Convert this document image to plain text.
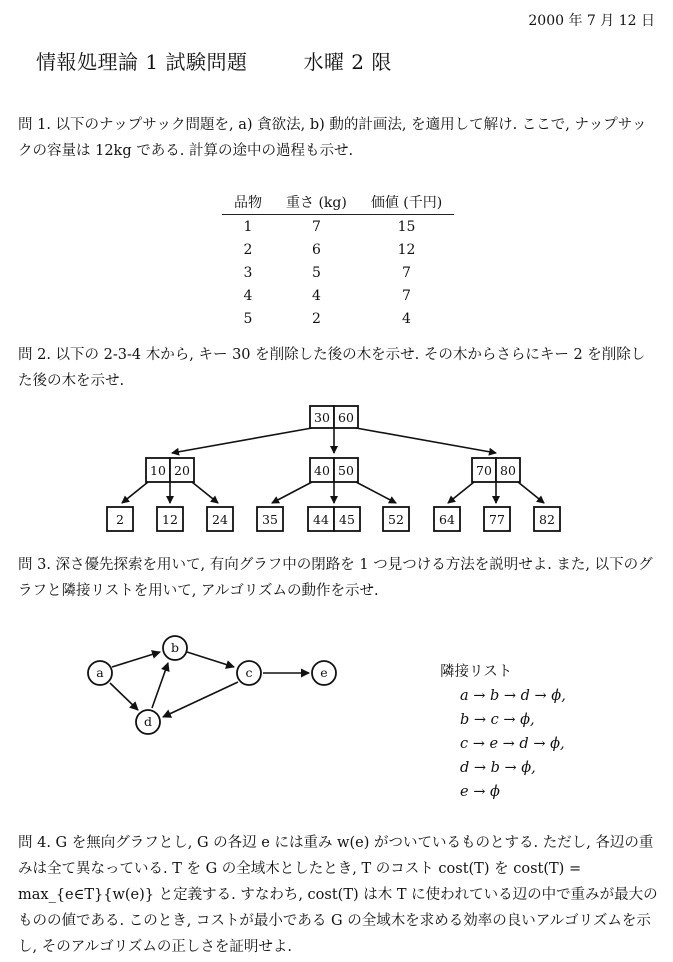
2000 年 7 月 12 日
情報処理論 1 試験問題	水曜 2 限
問 1. 以下のナップサック問題を, a) 貪欲法, b) 動的計画法, を適用して解け. ここで, ナップサックの容量は 12kg である. 計算の途中の過程も示せ.
品物	重さ (kg)	価値 (千円)
1	7	15
2	6	12
3	5	7
4	4	7
5	2	4
問 2. 以下の 2-3-4 木から, キー 30 を削除した後の木を示せ. その木からさらにキー 2 を削除した後の木を示せ.
30 60
10 20	40 50	70 80
2	12	24	35	44 45	52	64	77	82
問 3. 深さ優先探索を用いて, 有向グラフ中の閉路を 1 つ見つける方法を説明せよ. また, 以下のグラフと隣接リストを用いて, アルゴリズムの動作を示せ.
a
b
c
d
e	隣接リスト
a → b → d → ϕ,
b → c → ϕ,
c → e → d → ϕ,
d → b → ϕ,
e → ϕ
問 4. G を無向グラフとし, G の各辺 e には重み w(e) がついているものとする. ただし, 各辺の重みは全て異なっている. T を G の全域木としたとき, T のコスト cost(T) を cost(T) = max_{e∈T}{w(e)} と定義する. すなわち, cost(T) は木 T に使われている辺の中で重みが最大のものの値である. このとき, コストが最小である G の全域木を求める効率の良いアルゴリズムを示し, そのアルゴリズムの正しさを証明せよ.
